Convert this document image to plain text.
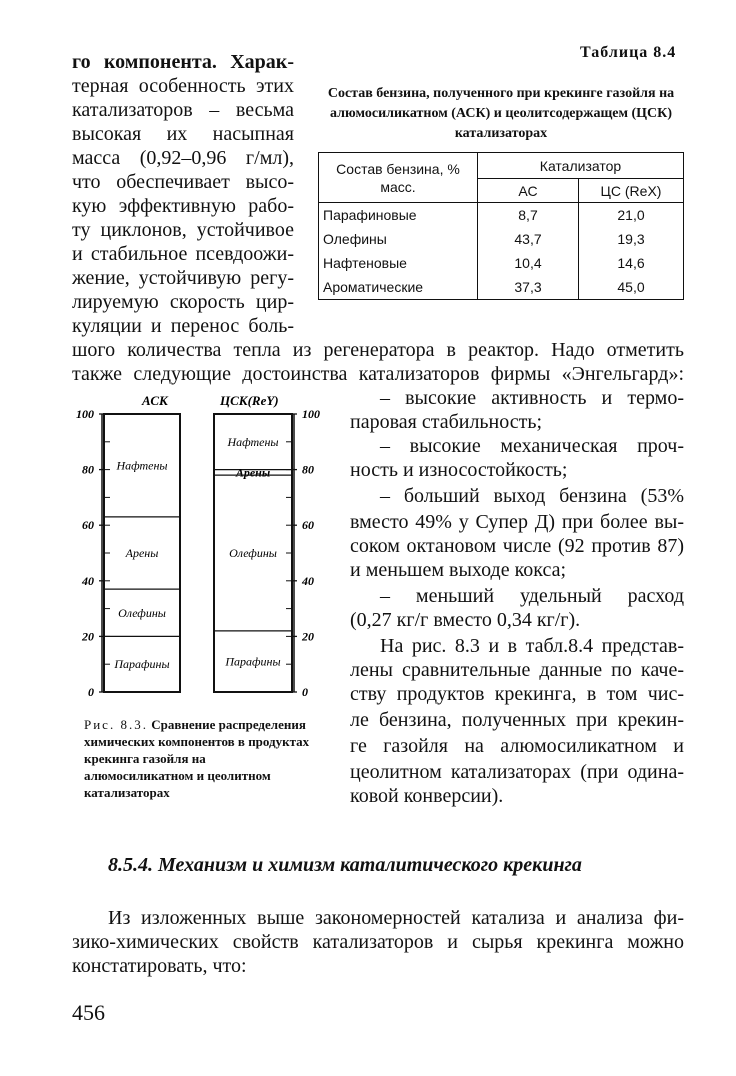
го компонента. Харак-
терная особенность этих
катализаторов – весьма
высокая их насыпная
масса (0,92–0,96 г/мл),
что обеспечивает высо-
кую эффективную рабо-
ту циклонов, устойчивое
и стабильное псевдоожи-
жение, устойчивую регу-
лируемую скорость цир-
куляции и перенос боль-
Таблица 8.4
Состав бензина, полученного при крекинге газойля на алюмосиликатном (АСК) и цеолитсодержащем (ЦСК) катализаторах
Состав бензина, % масс.	Катализатор	
	АС	ЦС (ReX)
Парафиновые	8,7	21,0
Олефины	43,7	19,3
Нафтеновые	10,4	14,6
Ароматические	37,3	45,0
шого количества тепла из регенератора в реактор. Надо отметить
также следующие достоинства катализаторов фирмы «Энгельгард»:
АСК	ЦСК(ReY)
100
80
60
40
20
0
100
80
60
40
20
0
Нафтены
Арены
Олефины
Парафины
Нафтены
Арены
Олефины
Парафины
Рис. 8.3. Сравнение распределения химических компонентов в продуктах крекинга газойля на алюмосиликатном и цеолитном катализаторах
– высокие активность и термо-
паровая стабильность;
– высокие механическая проч-
ность и износостойкость;
– больший выход бензина (53%
вместо 49% у Супер Д) при более вы-
соком октановом числе (92 против 87)
и меньшем выходе кокса;
– меньший удельный расход
(0,27 кг/г вместо 0,34 кг/г).
На рис. 8.3 и в табл.8.4 представ-
лены сравнительные данные по каче-
ству продуктов крекинга, в том чис-
ле бензина, полученных при крекин-
ге газойля на алюмосиликатном и
цеолитном катализаторах (при одина-
ковой конверсии).
8.5.4. Механизм и химизм каталитического крекинга
Из изложенных выше закономерностей катализа и анализа фи-
зико-химических свойств катализаторов и сырья крекинга можно
констатировать, что:
456
